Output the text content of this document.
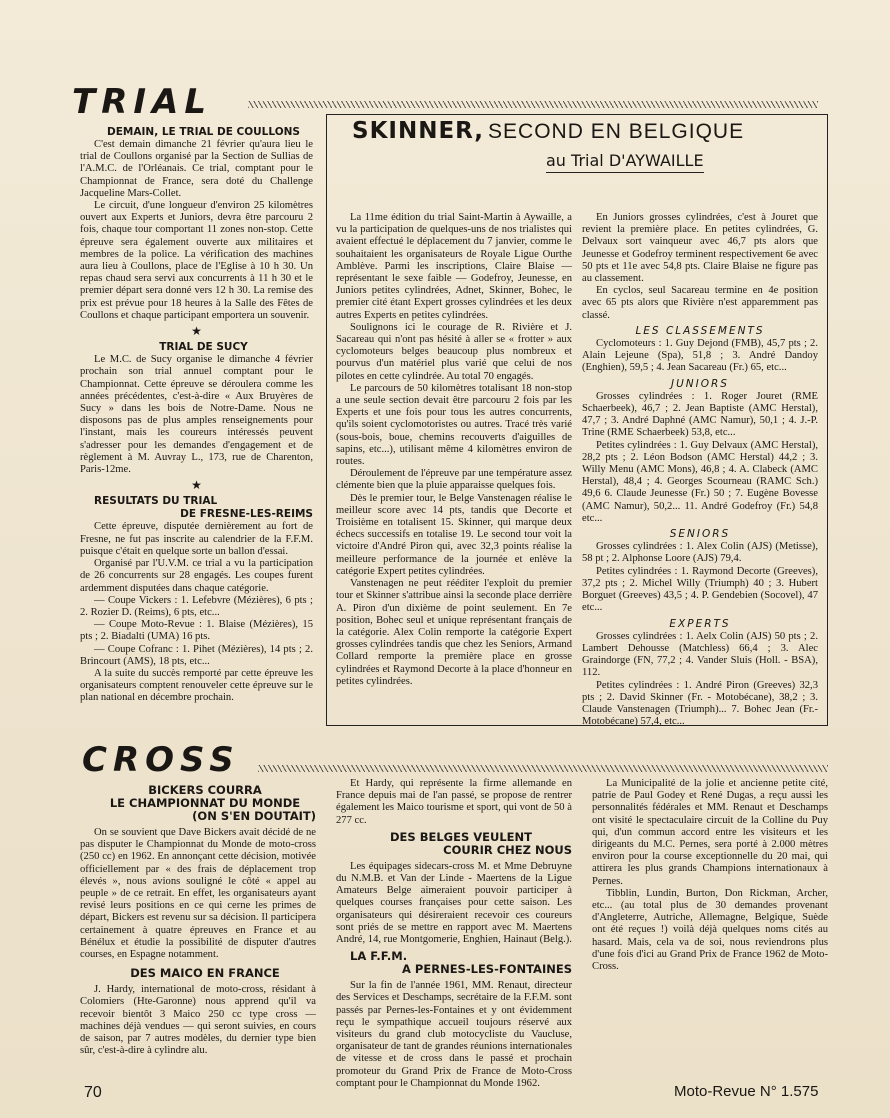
TRIAL

DEMAIN, LE TRIAL DE COULLONS

C'est demain dimanche 21 février qu'aura lieu le trial de Coullons organisé par la Section de Sullias de l'A.M.C. de l'Orléanais. Ce trial, comptant pour le Championnat de France, sera doté du Challenge Jacqueline Mars-Collet.

Le circuit, d'une longueur d'environ 25 kilomètres ouvert aux Experts et Juniors, devra être parcouru 2 fois, chaque tour comportant 11 zones non-stop. Cette épreuve sera également ouverte aux militaires et membres de la police. La vérification des machines aura lieu à Coullons, place de l'Eglise à 10 h 30. Un repas chaud sera servi aux concurrents à 11 h 30 et le premier départ sera donné vers 12 h 30. La remise des prix est prévue pour 18 heures à la Salle des Fêtes de Coullons et chaque participant emportera un souvenir.

★

TRIAL DE SUCY

Le M.C. de Sucy organise le dimanche 4 février prochain son trial annuel comptant pour le Championnat. Cette épreuve se déroulera comme les années précédentes, c'est-à-dire « Aux Bruyères de Sucy » dans les bois de Notre-Dame. Nous ne disposons pas de plus amples renseignements pour l'instant, mais les coureurs intéressés peuvent s'adresser pour les demandes d'engagement et de règlement à M. Auvray L., 173, rue de Charenton, Paris-12me.

★

RESULTATS DU TRIAL

DE FRESNE-LES-REIMS

Cette épreuve, disputée dernièrement au fort de Fresne, ne fut pas inscrite au calendrier de la F.F.M. puisque c'était en quelque sorte un ballon d'essai.

Organisé par l'U.V.M. ce trial a vu la participation de 26 concurrents sur 28 engagés. Les coupes furent ardemment disputées dans chaque catégorie.

— Coupe Vickers : 1. Lefebvre (Mézières), 6 pts ; 2. Rozier D. (Reims), 6 pts, etc...

— Coupe Moto-Revue : 1. Blaise (Mézières), 15 pts ; 2. Biadalti (UMA) 16 pts.

— Coupe Cofranc : 1. Pihet (Mézières), 14 pts ; 2. Brincourt (AMS), 18 pts, etc...

A la suite du succès remporté par cette épreuve les organisateurs comptent renouveler cette épreuve sur le plan national en décembre prochain.

SKINNER, SECOND EN BELGIQUE
au Trial D'AYWAILLE

La 11me édition du trial Saint-Martin à Aywaille, a vu la participation de quelques-uns de nos trialistes qui avaient effectué le déplacement du 7 janvier, comme le souhaitaient les organisateurs de Royale Ligue Ourthe Amblève. Parmi les inscriptions, Claire Blaise — représentant le sexe faible — Godefroy, Jeunesse, en Juniors petites cylindrées, Adnet, Skinner, Bohec, le premier cité étant Expert grosses cylindrées et les deux autres Experts en petites cylindrées.

Soulignons ici le courage de R. Rivière et J. Sacareau qui n'ont pas hésité à aller se « frotter » aux cyclomoteurs belges beaucoup plus nombreux et pourvus d'un matériel plus varié que celui de nos pilotes en cette cylindrée. Au total 70 engagés.

Le parcours de 50 kilomètres totalisant 18 non-stop a une seule section devait être parcouru 2 fois par les Experts et une fois pour tous les autres concurrents, qu'ils soient cyclomotoristes ou autres. Tracé très varié (sous-bois, boue, chemins recouverts d'aiguilles de sapins, etc...), utilisant même 4 kilomètres environ de routes.

Déroulement de l'épreuve par une température assez clémente bien que la pluie apparaisse quelques fois.

Dès le premier tour, le Belge Vanstenagen réalise le meilleur score avec 14 pts, tandis que Decorte et Troisième en totalisent 15. Skinner, qui marque deux échecs successifs en totalise 19. Le second tour voit la victoire d'André Piron qui, avec 32,3 points réalise la meilleure performance de la journée et enlève la catégorie Expert petites cylindrées.

Vanstenagen ne peut rééditer l'exploit du premier tour et Skinner s'attribue ainsi la seconde place derrière A. Piron d'un dixième de point seulement. En 7e position, Bohec seul et unique représentant français de la catégorie. Alex Colin remporte la catégorie Expert grosses cylindrées tandis que chez les Seniors, Armand Collard remporte la première place en grosse cylindrées et Raymond Decorte à la place d'honneur en petites cylindrées.

En Juniors grosses cylindrées, c'est à Jouret que revient la première place. En petites cylindrées, G. Delvaux sort vainqueur avec 46,7 pts alors que Jeunesse et Godefroy terminent respectivement 6e avec 50 pts et 11e avec 54,8 pts. Claire Blaise ne figure pas au classement.

En cyclos, seul Sacareau termine en 4e position avec 65 pts alors que Rivière n'est apparemment pas classé.

LES CLASSEMENTS

Cyclomoteurs : 1. Guy Dejond (FMB), 45,7 pts ; 2. Alain Lejeune (Spa), 51,8 ; 3. André Dandoy (Enghien), 59,5 ; 4. Jean Sacareau (Fr.) 65, etc...

JUNIORS

Grosses cylindrées : 1. Roger Jouret (RME Schaerbeek), 46,7 ; 2. Jean Baptiste (AMC Herstal), 47,7 ; 3. André Daphné (AMC Namur), 50,1 ; 4. J.-P. Trine (RME Schaerbeek) 53,8, etc...

Petites cylindrées : 1. Guy Delvaux (AMC Herstal), 28,2 pts ; 2. Léon Bodson (AMC Herstal) 44,2 ; 3. Willy Menu (AMC Mons), 46,8 ; 4. A. Clabeck (AMC Herstal), 48,4 ; 4. Georges Scourneau (RAMC Sch.) 49,6 6. Claude Jeunesse (Fr.) 50 ; 7. Eugène Bovesse (AMC Namur), 50,2... 11. André Godefroy (Fr.) 54,8 etc...

SENIORS

Grosses cylindrées : 1. Alex Colin (AJS) (Metisse), 58 pt ; 2. Alphonse Loore (AJS) 79,4.

Petites cylindrées : 1. Raymond Decorte (Greeves), 37,2 pts ; 2. Michel Willy (Triumph) 40 ; 3. Hubert Borguet (Greeves) 43,5 ; 4. P. Gendebien (Socovel), 47 etc...

EXPERTS

Grosses cylindrées : 1. Aelx Colin (AJS) 50 pts ; 2. Lambert Dehousse (Matchless) 66,4 ; 3. Alec Graindorge (FN, 77,2 ; 4. Vander Sluis (Holl. - BSA), 112.

Petites cylindrées : 1. André Piron (Greeves) 32,3 pts ; 2. David Skinner (Fr. - Motobécane), 38,2 ; 3. Claude Vanstenagen (Triumph)... 7. Bohec Jean (Fr.-Motobécane) 57,4, etc...

CROSS

BICKERS COURRA

LE CHAMPIONNAT DU MONDE

(ON S'EN DOUTAIT)

On se souvient que Dave Bickers avait décidé de ne pas disputer le Championnat du Monde de moto-cross (250 cc) en 1962. En annonçant cette décision, motivée officiellement par « des frais de déplacement trop élevés », nous avions souligné le côté « appel au peuple » de ce retrait. En effet, les organisateurs ayant revisé leurs positions en ce qui cerne les primes de départ, Bickers est revenu sur sa décision. Il participera certainement à quatre épreuves en France et au Bénélux et étudie la possibilité de disputer d'autres courses, en Espagne notamment.

DES MAICO EN FRANCE

J. Hardy, international de moto-cross, résidant à Colomiers (Hte-Garonne) nous apprend qu'il va recevoir bientôt 3 Maico 250 cc type cross — machines déjà vendues — qui seront suivies, en cours de saison, par 7 autres modèles, du dernier type bien sûr, c'est-à-dire à cylindre alu.

Et Hardy, qui représente la firme allemande en France depuis mai de l'an passé, se propose de rentrer également les Maico tourisme et sport, qui vont de 50 à 277 cc.

DES BELGES VEULENT

COURIR CHEZ NOUS

Les équipages sidecars-cross M. et Mme Debruyne du N.M.B. et Van der Linde - Maertens de la Ligue Amateurs Belge aimeraient pouvoir participer à quelques courses françaises pour cette saison. Les organisateurs qui désireraient recevoir ces coureurs sont priés de se mettre en rapport avec M. Maertens André, 14, rue Montgomerie, Enghien, Hainaut (Belg.).

LA F.F.M.

A PERNES-LES-FONTAINES

Sur la fin de l'année 1961, MM. Renaut, directeur des Services et Deschamps, secrétaire de la F.F.M. sont passés par Pernes-les-Fontaines et y ont évidemment reçu le sympathique accueil toujours réservé aux visiteurs du grand club motocycliste du Vaucluse, organisateur de tant de grandes réunions internationales de vitesse et de cross dans le passé et prochain promoteur du Grand Prix de France de Moto-Cross comptant pour le Championnat du Monde 1962.

La Municipalité de la jolie et ancienne petite cité, patrie de Paul Godey et René Dugas, a reçu aussi les personnalités fédérales et MM. Renaut et Deschamps ont visité le spectaculaire circuit de la Colline du Puy qui, d'un commun accord entre les visiteurs et les dirigeants du M.C. Pernes, sera porté à 2.000 mètres environ pour la course exceptionnelle du 20 mai, qui attirera les plus grands Champions internationaux à Pernes.

Tibblin, Lundin, Burton, Don Rickman, Archer, etc... (au total plus de 30 demandes provenant d'Angleterre, Autriche, Allemagne, Belgique, Suède ont été reçues !) voilà déjà quelques noms cités au hasard. Mais, cela va de soi, nous reviendrons plus d'une fois d'ici au Grand Prix de France 1962 de Moto-Cross.

70	Moto-Revue N° 1.575
